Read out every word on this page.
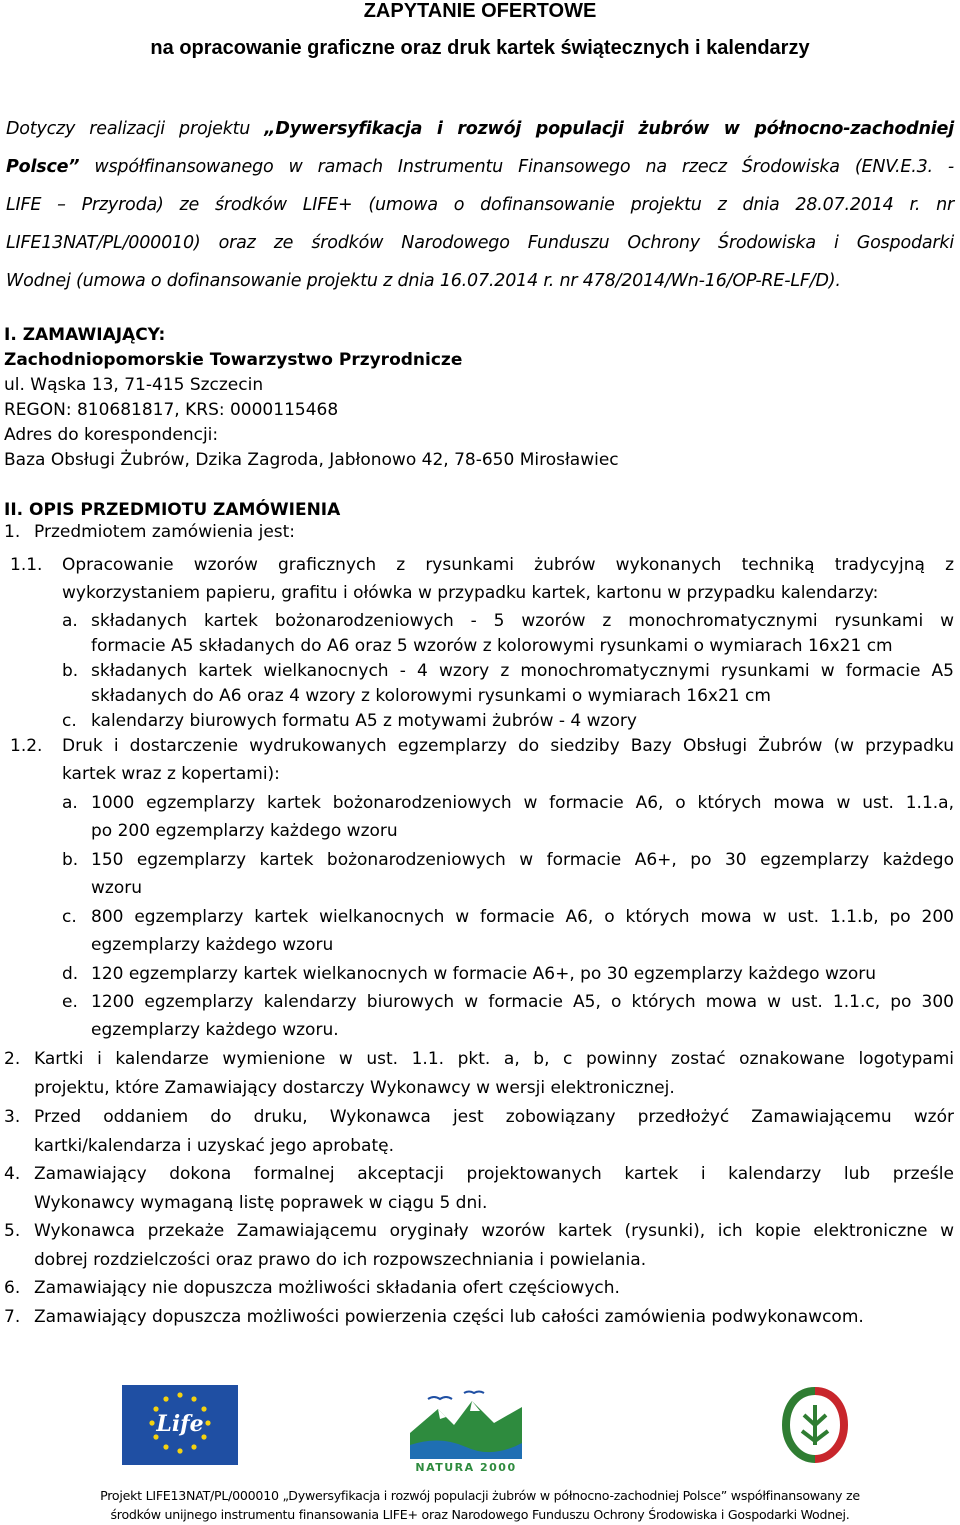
ZAPYTANIE OFERTOWE
na opracowanie graficzne oraz druk kartek świątecznych i kalendarzy
Dotyczy realizacji projektu „Dywersyfikacja i rozwój populacji żubrów w północno-zachodniej
Polsce” współfinansowanego w ramach Instrumentu Finansowego na rzecz Środowiska (ENV.E.3. -
LIFE – Przyroda) ze środków LIFE+ (umowa o dofinansowanie projektu z dnia 28.07.2014 r. nr
LIFE13NAT/PL/000010) oraz ze środków Narodowego Funduszu Ochrony Środowiska i Gospodarki
Wodnej (umowa o dofinansowanie projektu z dnia 16.07.2014 r. nr 478/2014/Wn-16/OP-RE-LF/D).
I. ZAMAWIAJĄCY:
Zachodniopomorskie Towarzystwo Przyrodnicze
ul. Wąska 13, 71-415 Szczecin
REGON: 810681817, KRS: 0000115468
Adres do korespondencji:
Baza Obsługi Żubrów, Dzika Zagroda, Jabłonowo 42, 78-650 Mirosławiec
II. OPIS PRZEDMIOTU ZAMÓWIENIA
1. Przedmiotem zamówienia jest:
1.1. Opracowanie wzorów graficznych z rysunkami żubrów wykonanych techniką tradycyjną z
wykorzystaniem papieru, grafitu i ołówka w przypadku kartek, kartonu w przypadku kalendarzy:
a. składanych kartek bożonarodzeniowych - 5 wzorów z monochromatycznymi rysunkami w
formacie A5 składanych do A6 oraz 5 wzorów z kolorowymi rysunkami o wymiarach 16x21 cm
b. składanych kartek wielkanocnych - 4 wzory z monochromatycznymi rysunkami w formacie A5
składanych do A6 oraz 4 wzory z kolorowymi rysunkami o wymiarach 16x21 cm
c. kalendarzy biurowych formatu A5 z motywami żubrów - 4 wzory
1.2. Druk i dostarczenie wydrukowanych egzemplarzy do siedziby Bazy Obsługi Żubrów (w przypadku
kartek wraz z kopertami):
a. 1000 egzemplarzy kartek bożonarodzeniowych w formacie A6, o których mowa w ust. 1.1.a,
po 200 egzemplarzy każdego wzoru
b. 150 egzemplarzy kartek bożonarodzeniowych w formacie A6+, po 30 egzemplarzy każdego
wzoru
c. 800 egzemplarzy kartek wielkanocnych w formacie A6, o których mowa w ust. 1.1.b, po 200
egzemplarzy każdego wzoru
d. 120 egzemplarzy kartek wielkanocnych w formacie A6+, po 30 egzemplarzy każdego wzoru
e. 1200 egzemplarzy kalendarzy biurowych w formacie A5, o których mowa w ust. 1.1.c, po 300
egzemplarzy każdego wzoru.
2. Kartki i kalendarze wymienione w ust. 1.1. pkt. a, b, c powinny zostać oznakowane logotypami
projektu, które Zamawiający dostarczy Wykonawcy w wersji elektronicznej.
3. Przed oddaniem do druku, Wykonawca jest zobowiązany przedłożyć Zamawiającemu wzór
kartki/kalendarza i uzyskać jego aprobatę.
4. Zamawiający dokona formalnej akceptacji projektowanych kartek i kalendarzy lub prześle
Wykonawcy wymaganą listę poprawek w ciągu 5 dni.
5. Wykonawca przekaże Zamawiającemu oryginały wzorów kartek (rysunki), ich kopie elektroniczne w
dobrej rozdzielczości oraz prawo do ich rozpowszechniania i powielania.
6. Zamawiający nie dopuszcza możliwości składania ofert częściowych.
7. Zamawiający dopuszcza możliwości powierzenia części lub całości zamówienia podwykonawcom.
Life
NATURA 2000
Projekt LIFE13NAT/PL/000010 „Dywersyfikacja i rozwój populacji żubrów w północno-zachodniej Polsce” współfinansowany ze
środków unijnego instrumentu finansowania LIFE+ oraz Narodowego Funduszu Ochrony Środowiska i Gospodarki Wodnej.
